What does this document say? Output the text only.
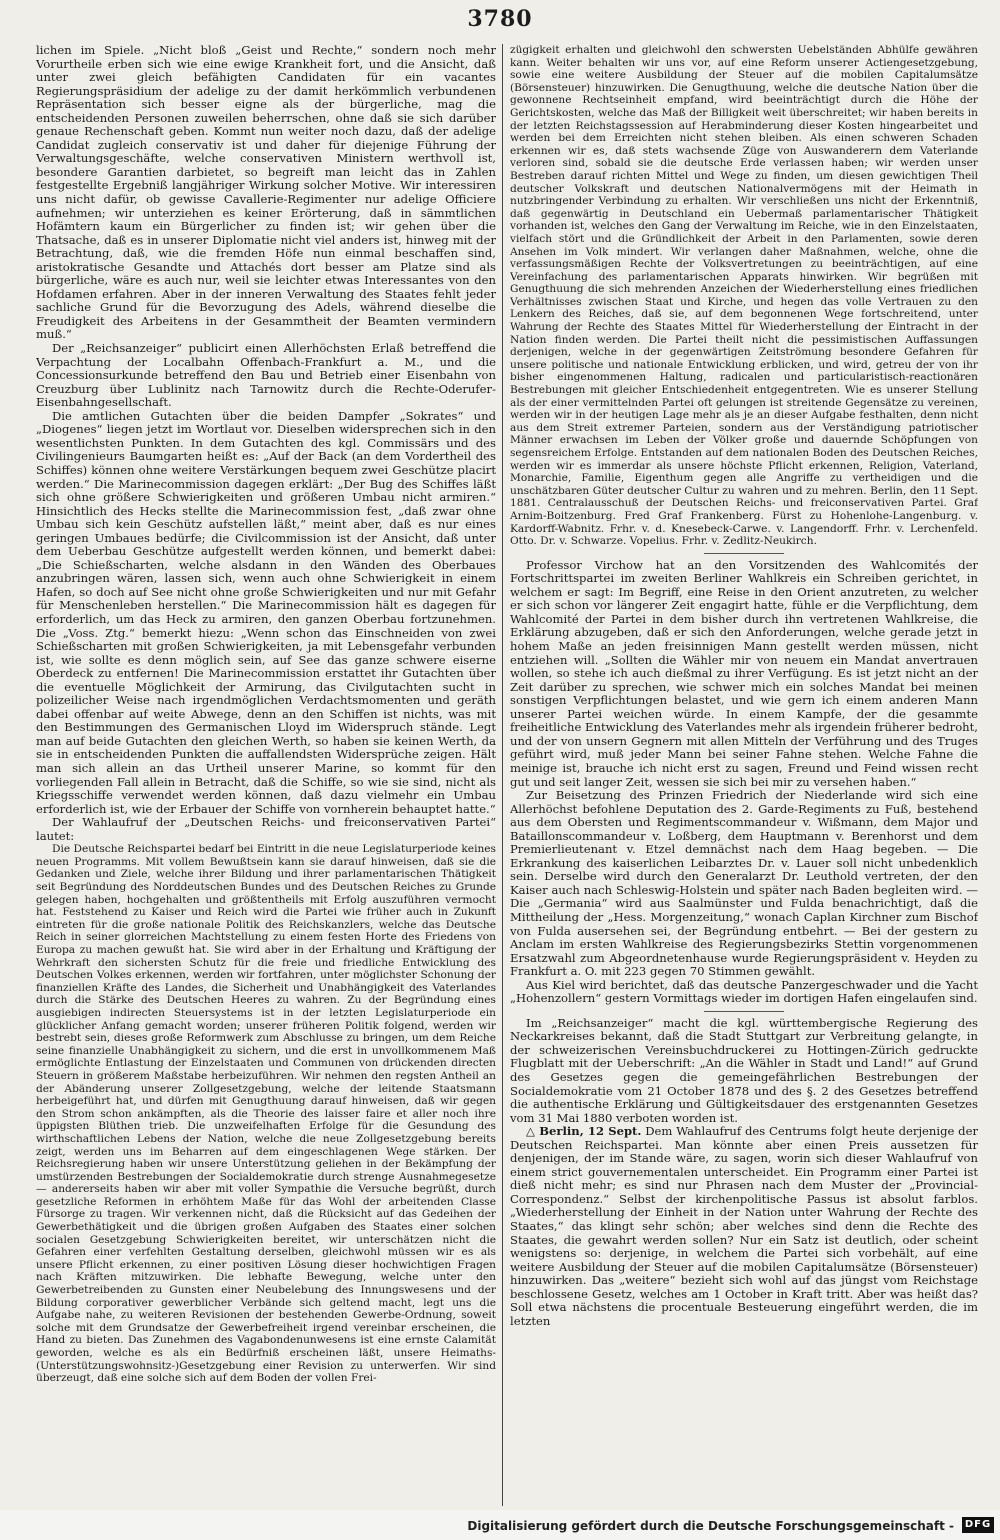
3780

lichen im Spiele. „Nicht bloß „Geist und Rechte,“ sondern noch mehr Vorurtheile erben sich wie eine ewige Krankheit fort, und die Ansicht, daß unter zwei gleich befähigten Candidaten für ein vacantes Regierungspräsidium der adelige zu der damit herkömmlich verbundenen Repräsentation sich besser eigne als der bürgerliche, mag die entscheidenden Personen zuweilen beherrschen, ohne daß sie sich darüber genaue Rechenschaft geben. Kommt nun weiter noch dazu, daß der adelige Candidat zugleich conservativ ist und daher für diejenige Führung der Verwaltungsgeschäfte, welche conservativen Ministern werthvoll ist, besondere Garantien darbietet, so begreift man leicht das in Zahlen festgestellte Ergebniß langjähriger Wirkung solcher Motive. Wir interessiren uns nicht dafür, ob gewisse Cavallerie-Regimenter nur adelige Officiere aufnehmen; wir unterziehen es keiner Erörterung, daß in sämmtlichen Hofämtern kaum ein Bürgerlicher zu finden ist; wir gehen über die Thatsache, daß es in unserer Diplomatie nicht viel anders ist, hinweg mit der Betrachtung, daß, wie die fremden Höfe nun einmal beschaffen sind, aristokratische Gesandte und Attachés dort besser am Platze sind als bürgerliche, wäre es auch nur, weil sie leichter etwas Interessantes von den Hofdamen erfahren. Aber in der inneren Verwaltung des Staates fehlt jeder sachliche Grund für die Bevorzugung des Adels, während dieselbe die Freudigkeit des Arbeitens in der Gesammtheit der Beamten vermindern muß.“

Der „Reichsanzeiger“ publicirt einen Allerhöchsten Erlaß betreffend die Verpachtung der Localbahn Offenbach-Frankfurt a. M., und die Concessionsurkunde betreffend den Bau und Betrieb einer Eisenbahn von Creuzburg über Lublinitz nach Tarnowitz durch die Rechte-Oderufer-Eisenbahngesellschaft.

Die amtlichen Gutachten über die beiden Dampfer „Sokrates“ und „Diogenes“ liegen jetzt im Wortlaut vor. Dieselben widersprechen sich in den wesentlichsten Punkten. In dem Gutachten des kgl. Commissärs und des Civilingenieurs Baumgarten heißt es: „Auf der Back (an dem Vordertheil des Schiffes) können ohne weitere Verstärkungen bequem zwei Geschütze placirt werden.“ Die Marinecommission dagegen erklärt: „Der Bug des Schiffes läßt sich ohne größere Schwierigkeiten und größeren Umbau nicht armiren.“ Hinsichtlich des Hecks stellte die Marinecommission fest, „daß zwar ohne Umbau sich kein Geschütz aufstellen läßt,“ meint aber, daß es nur eines geringen Umbaues bedürfe; die Civilcommission ist der Ansicht, daß unter dem Ueberbau Geschütze aufgestellt werden können, und bemerkt dabei: „Die Schießscharten, welche alsdann in den Wänden des Oberbaues anzubringen wären, lassen sich, wenn auch ohne Schwierigkeit in einem Hafen, so doch auf See nicht ohne große Schwierigkeiten und nur mit Gefahr für Menschenleben herstellen.“ Die Marinecommission hält es dagegen für erforderlich, um das Heck zu armiren, den ganzen Oberbau fortzunehmen. Die „Voss. Ztg.“ bemerkt hiezu: „Wenn schon das Einschneiden von zwei Schießscharten mit großen Schwierigkeiten, ja mit Lebensgefahr verbunden ist, wie sollte es denn möglich sein, auf See das ganze schwere eiserne Oberdeck zu entfernen! Die Marinecommission erstattet ihr Gutachten über die eventuelle Möglichkeit der Armirung, das Civilgutachten sucht in polizeilicher Weise nach irgendmöglichen Verdachtsmomenten und geräth dabei offenbar auf weite Abwege, denn an den Schiffen ist nichts, was mit den Bestimmungen des Germanischen Lloyd im Widerspruch stände. Legt man auf beide Gutachten den gleichen Werth, so haben sie keinen Werth, da sie in entscheidenden Punkten die auffallendsten Widersprüche zeigen. Hält man sich allein an das Urtheil unserer Marine, so kommt für den vorliegenden Fall allein in Betracht, daß die Schiffe, so wie sie sind, nicht als Kriegsschiffe verwendet werden können, daß dazu vielmehr ein Umbau erforderlich ist, wie der Erbauer der Schiffe von vornherein behauptet hatte.“

Der Wahlaufruf der „Deutschen Reichs- und freiconservativen Partei“ lautet:

Die Deutsche Reichspartei bedarf bei Eintritt in die neue Legislaturperiode keines neuen Programms. Mit vollem Bewußtsein kann sie darauf hinweisen, daß sie die Gedanken und Ziele, welche ihrer Bildung und ihrer parlamentarischen Thätigkeit seit Begründung des Norddeutschen Bundes und des Deutschen Reiches zu Grunde gelegen haben, hochgehalten und größtentheils mit Erfolg auszuführen vermocht hat. Feststehend zu Kaiser und Reich wird die Partei wie früher auch in Zukunft eintreten für die große nationale Politik des Reichskanzlers, welche das Deutsche Reich in seiner glorreichen Machtstellung zu einem festen Horte des Friedens von Europa zu machen gewußt hat. Sie wird aber in der Erhaltung und Kräftigung der Wehrkraft den sichersten Schutz für die freie und friedliche Entwicklung des Deutschen Volkes erkennen, werden wir fortfahren, unter möglichster Schonung der finanziellen Kräfte des Landes, die Sicherheit und Unabhängigkeit des Vaterlandes durch die Stärke des Deutschen Heeres zu wahren. Zu der Begründung eines ausgiebigen indirecten Steuersystems ist in der letzten Legislaturperiode ein glücklicher Anfang gemacht worden; unserer früheren Politik folgend, werden wir bestrebt sein, dieses große Reformwerk zum Abschlusse zu bringen, um dem Reiche seine finanzielle Unabhängigkeit zu sichern, und die erst in unvollkommenem Maß ermöglichte Entlastung der Einzelstaaten und Communen von drückenden directen Steuern in größerem Maßstabe herbeizuführen. Wir nehmen den regsten Antheil an der Abänderung unserer Zollgesetzgebung, welche der leitende Staatsmann herbeigeführt hat, und dürfen mit Genugthuung darauf hinweisen, daß wir gegen den Strom schon ankämpften, als die Theorie des laisser faire et aller noch ihre üppigsten Blüthen trieb. Die unzweifelhaften Erfolge für die Gesundung des wirthschaftlichen Lebens der Nation, welche die neue Zollgesetzgebung bereits zeigt, werden uns im Beharren auf dem eingeschlagenen Wege stärken. Der Reichsregierung haben wir unsere Unterstützung geliehen in der Bekämpfung der umstürzenden Bestrebungen der Socialdemokratie durch strenge Ausnahmegesetze — andererseits haben wir aber mit voller Sympathie die Versuche begrüßt, durch gesetzliche Reformen in erhöhtem Maße für das Wohl der arbeitenden Classe Fürsorge zu tragen. Wir verkennen nicht, daß die Rücksicht auf das Gedeihen der Gewerbethätigkeit und die übrigen großen Aufgaben des Staates einer solchen socialen Gesetzgebung Schwierigkeiten bereitet, wir unterschätzen nicht die Gefahren einer verfehlten Gestaltung derselben, gleichwohl müssen wir es als unsere Pflicht erkennen, zu einer positiven Lösung dieser hochwichtigen Fragen nach Kräften mitzuwirken. Die lebhafte Bewegung, welche unter den Gewerbetreibenden zu Gunsten einer Neubelebung des Innungswesens und der Bildung corporativer gewerblicher Verbände sich geltend macht, legt uns die Aufgabe nahe, zu weiteren Revisionen der bestehenden Gewerbe-Ordnung, soweit solche mit dem Grundsatze der Gewerbefreiheit irgend vereinbar erscheinen, die Hand zu bieten. Das Zunehmen des Vagabondenunwesens ist eine ernste Calamität geworden, welche es als ein Bedürfniß erscheinen läßt, unsere Heimaths-(Unterstützungswohnsitz-)Gesetzgebung einer Revision zu unterwerfen. Wir sind überzeugt, daß eine solche sich auf dem Boden der vollen Frei-

zügigkeit erhalten und gleichwohl den schwersten Uebelständen Abhülfe gewähren kann. Weiter behalten wir uns vor, auf eine Reform unserer Actiengesetzgebung, sowie eine weitere Ausbildung der Steuer auf die mobilen Capitalumsätze (Börsensteuer) hinzuwirken. Die Genugthuung, welche die deutsche Nation über die gewonnene Rechtseinheit empfand, wird beeinträchtigt durch die Höhe der Gerichtskosten, welche das Maß der Billigkeit weit überschreitet; wir haben bereits in der letzten Reichstagssession auf Herabminderung dieser Kosten hingearbeitet und werden bei dem Erreichten nicht stehen bleiben. Als einen schweren Schaden erkennen wir es, daß stets wachsende Züge von Auswanderern dem Vaterlande verloren sind, sobald sie die deutsche Erde verlassen haben; wir werden unser Bestreben darauf richten Mittel und Wege zu finden, um diesen gewichtigen Theil deutscher Volkskraft und deutschen Nationalvermögens mit der Heimath in nutzbringender Verbindung zu erhalten. Wir verschließen uns nicht der Erkenntniß, daß gegenwärtig in Deutschland ein Uebermaß parlamentarischer Thätigkeit vorhanden ist, welches den Gang der Verwaltung im Reiche, wie in den Einzelstaaten, vielfach stört und die Gründlichkeit der Arbeit in den Parlamenten, sowie deren Ansehen im Volk mindert. Wir verlangen daher Maßnahmen, welche, ohne die verfassungsmäßigen Rechte der Volksvertretungen zu beeinträchtigen, auf eine Vereinfachung des parlamentarischen Apparats hinwirken. Wir begrüßen mit Genugthuung die sich mehrenden Anzeichen der Wiederherstellung eines friedlichen Verhältnisses zwischen Staat und Kirche, und hegen das volle Vertrauen zu den Lenkern des Reiches, daß sie, auf dem begonnenen Wege fortschreitend, unter Wahrung der Rechte des Staates Mittel für Wiederherstellung der Eintracht in der Nation finden werden. Die Partei theilt nicht die pessimistischen Auffassungen derjenigen, welche in der gegenwärtigen Zeitströmung besondere Gefahren für unsere politische und nationale Entwicklung erblicken, und wird, getreu der von ihr bisher eingenommenen Haltung, radicalen und particularistisch-reactionären Bestrebungen mit gleicher Entschiedenheit entgegentreten. Wie es unserer Stellung als der einer vermittelnden Partei oft gelungen ist streitende Gegensätze zu vereinen, werden wir in der heutigen Lage mehr als je an dieser Aufgabe festhalten, denn nicht aus dem Streit extremer Parteien, sondern aus der Verständigung patriotischer Männer erwachsen im Leben der Völker große und dauernde Schöpfungen von segensreichem Erfolge. Entstanden auf dem nationalen Boden des Deutschen Reiches, werden wir es immerdar als unsere höchste Pflicht erkennen, Religion, Vaterland, Monarchie, Familie, Eigenthum gegen alle Angriffe zu vertheidigen und die unschätzbaren Güter deutscher Cultur zu wahren und zu mehren. Berlin, den 11 Sept. 1881. Centralausschuß der Deutschen Reichs- und freiconservativen Partei. Graf Arnim-Boitzenburg. Fred Graf Frankenberg. Fürst zu Hohenlohe-Langenburg. v. Kardorff-Wabnitz. Frhr. v. d. Knesebeck-Carwe. v. Langendorff. Frhr. v. Lerchenfeld. Otto. Dr. v. Schwarze. Vopelius. Frhr. v. Zedlitz-Neukirch.

Professor Virchow hat an den Vorsitzenden des Wahlcomités der Fortschrittspartei im zweiten Berliner Wahlkreis ein Schreiben gerichtet, in welchem er sagt: Im Begriff, eine Reise in den Orient anzutreten, zu welcher er sich schon vor längerer Zeit engagirt hatte, fühle er die Verpflichtung, dem Wahlcomité der Partei in dem bisher durch ihn vertretenen Wahlkreise, die Erklärung abzugeben, daß er sich den Anforderungen, welche gerade jetzt in hohem Maße an jeden freisinnigen Mann gestellt werden müssen, nicht entziehen will. „Sollten die Wähler mir von neuem ein Mandat anvertrauen wollen, so stehe ich auch dießmal zu ihrer Verfügung. Es ist jetzt nicht an der Zeit darüber zu sprechen, wie schwer mich ein solches Mandat bei meinen sonstigen Verpflichtungen belastet, und wie gern ich einem anderen Mann unserer Partei weichen würde. In einem Kampfe, der die gesammte freiheitliche Entwicklung des Vaterlandes mehr als irgendein früherer bedroht, und der von unsern Gegnern mit allen Mitteln der Verführung und des Truges geführt wird, muß jeder Mann bei seiner Fahne stehen. Welche Fahne die meinige ist, brauche ich nicht erst zu sagen, Freund und Feind wissen recht gut und seit langer Zeit, wessen sie sich bei mir zu versehen haben.“

Zur Beisetzung des Prinzen Friedrich der Niederlande wird sich eine Allerhöchst befohlene Deputation des 2. Garde-Regiments zu Fuß, bestehend aus dem Obersten und Regimentscommandeur v. Wißmann, dem Major und Bataillonscommandeur v. Loßberg, dem Hauptmann v. Berenhorst und dem Premierlieutenant v. Etzel demnächst nach dem Haag begeben. — Die Erkrankung des kaiserlichen Leibarztes Dr. v. Lauer soll nicht unbedenklich sein. Derselbe wird durch den Generalarzt Dr. Leuthold vertreten, der den Kaiser auch nach Schleswig-Holstein und später nach Baden begleiten wird. — Die „Germania“ wird aus Saalmünster und Fulda benachrichtigt, daß die Mittheilung der „Hess. Morgenzeitung,“ wonach Caplan Kirchner zum Bischof von Fulda ausersehen sei, der Begründung entbehrt. — Bei der gestern zu Anclam im ersten Wahlkreise des Regierungsbezirks Stettin vorgenommenen Ersatzwahl zum Abgeordnetenhause wurde Regierungspräsident v. Heyden zu Frankfurt a. O. mit 223 gegen 70 Stimmen gewählt.

Aus Kiel wird berichtet, daß das deutsche Panzergeschwader und die Yacht „Hohenzollern“ gestern Vormittags wieder im dortigen Hafen eingelaufen sind.

Im „Reichsanzeiger“ macht die kgl. württembergische Regierung des Neckarkreises bekannt, daß die Stadt Stuttgart zur Verbreitung gelangte, in der schweizerischen Vereinsbuchdruckerei zu Hottingen-Zürich gedruckte Flugblatt mit der Ueberschrift: „An die Wähler in Stadt und Land!“ auf Grund des Gesetzes gegen die gemeingefährlichen Bestrebungen der Socialdemokratie vom 21 October 1878 und des §. 2 des Gesetzes betreffend die authentische Erklärung und Gültigkeitsdauer des erstgenannten Gesetzes vom 31 Mai 1880 verboten worden ist.

△ Berlin, 12 Sept. Dem Wahlaufruf des Centrums folgt heute derjenige der Deutschen Reichspartei. Man könnte aber einen Preis aussetzen für denjenigen, der im Stande wäre, zu sagen, worin sich dieser Wahlaufruf von einem strict gouvernementalen unterscheidet. Ein Programm einer Partei ist dieß nicht mehr; es sind nur Phrasen nach dem Muster der „Provincial-Correspondenz.“ Selbst der kirchenpolitische Passus ist absolut farblos. „Wiederherstellung der Einheit in der Nation unter Wahrung der Rechte des Staates,“ das klingt sehr schön; aber welches sind denn die Rechte des Staates, die gewahrt werden sollen? Nur ein Satz ist deutlich, oder scheint wenigstens so: derjenige, in welchem die Partei sich vorbehält, auf eine weitere Ausbildung der Steuer auf die mobilen Capitalumsätze (Börsensteuer) hinzuwirken. Das „weitere“ bezieht sich wohl auf das jüngst vom Reichstage beschlossene Gesetz, welches am 1 October in Kraft tritt. Aber was heißt das? Soll etwa nächstens die procentuale Besteuerung eingeführt werden, die im letzten

Digitalisierung gefördert durch die Deutsche Forschungsgemeinschaft - DFG
